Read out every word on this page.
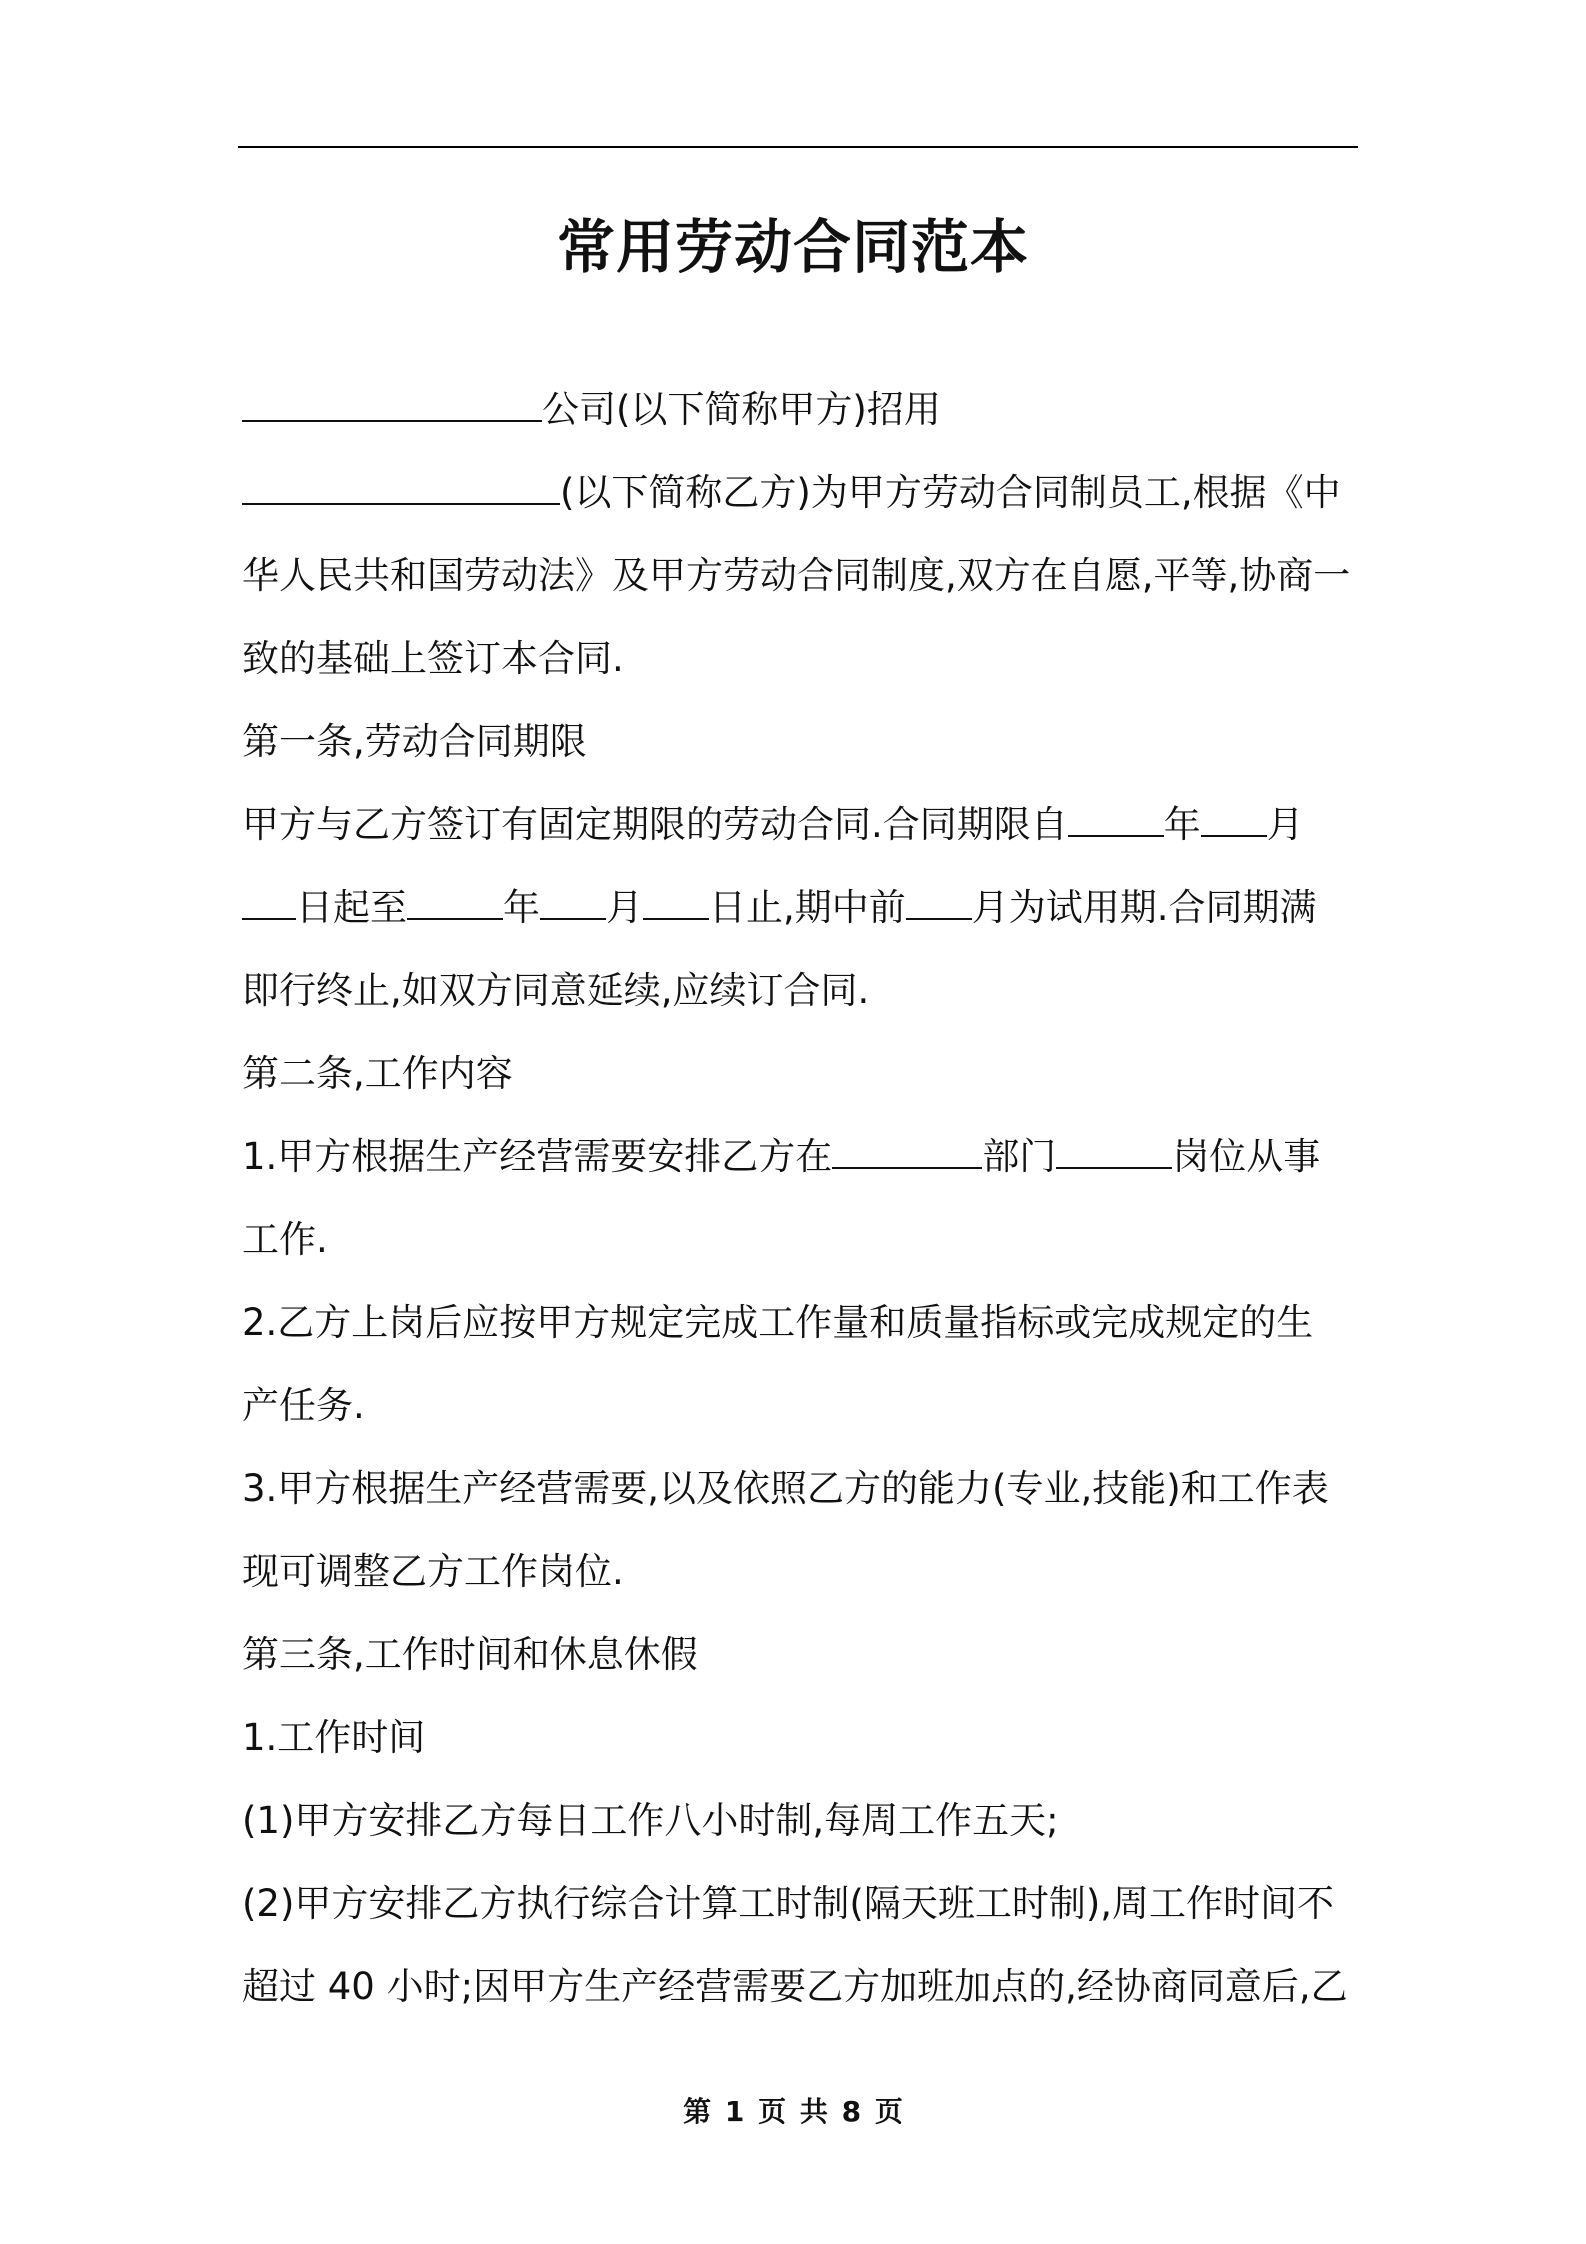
常用劳动合同范本
公司(以下简称甲方)招用
(以下简称乙方)为甲方劳动合同制员工,根据《中
华人民共和国劳动法》及甲方劳动合同制度,双方在自愿,平等,协商一
致的基础上签订本合同.
第一条,劳动合同期限
甲方与乙方签订有固定期限的劳动合同.合同期限自	年 月
日起至	年 月 日止,期中前 月为试用期.合同期满
即行终止,如双方同意延续,应续订合同.
第二条,工作内容
1.甲方根据生产经营需要安排乙方在	部门	岗位从事
工作.
2.乙方上岗后应按甲方规定完成工作量和质量指标或完成规定的生
产任务.
3.甲方根据生产经营需要,以及依照乙方的能力(专业,技能)和工作表
现可调整乙方工作岗位.
第三条,工作时间和休息休假
1.工作时间
(1)甲方安排乙方每日工作八小时制,每周工作五天;
(2)甲方安排乙方执行综合计算工时制(隔天班工时制),周工作时间不
超过 40 小时;因甲方生产经营需要乙方加班加点的,经协商同意后,乙
第 1 页 共 8 页
